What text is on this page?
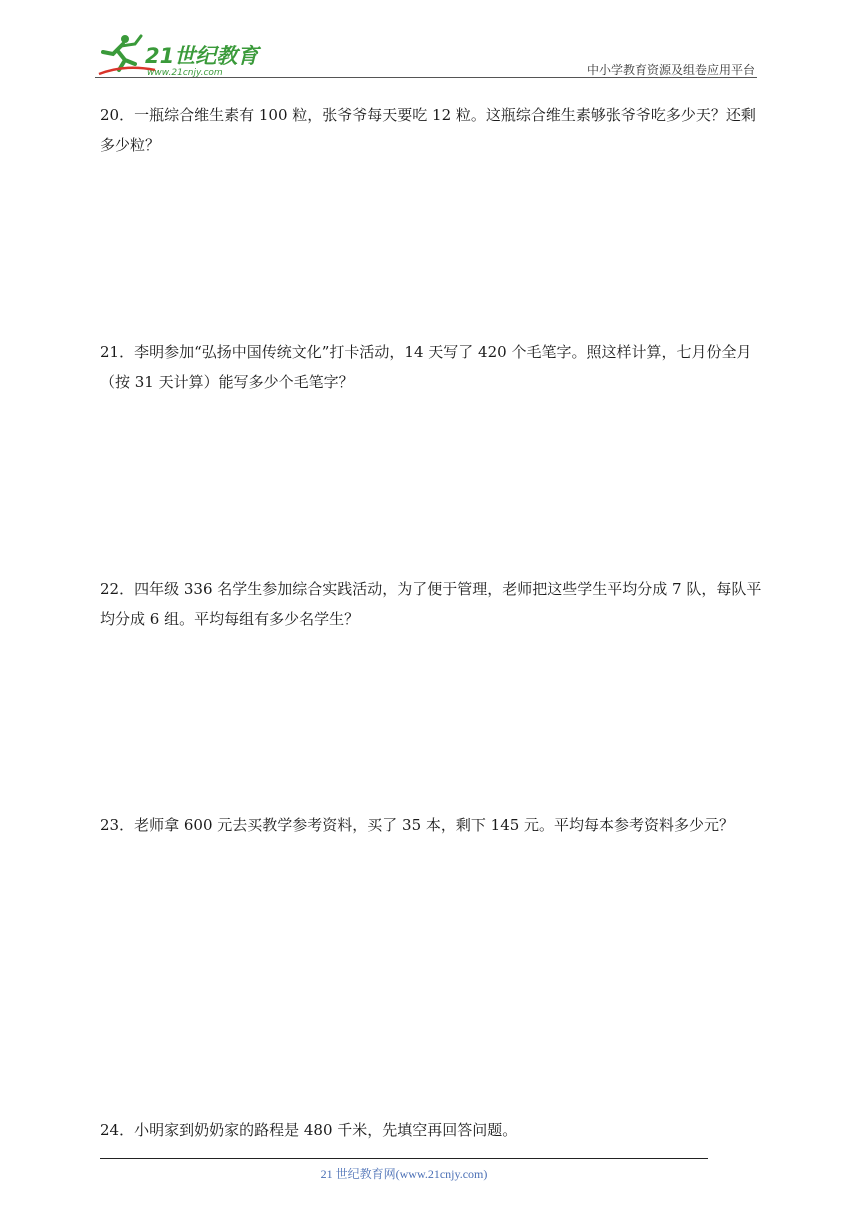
21世纪教育
www.21cnjy.com	中小学教育资源及组卷应用平台

20．一瓶综合维生素有 100 粒，张爷爷每天要吃 12 粒。这瓶综合维生素够张爷爷吃多少天？还剩多少粒？

21．李明参加“弘扬中国传统文化”打卡活动，14 天写了 420 个毛笔字。照这样计算，七月份全月（按 31 天计算）能写多少个毛笔字？

22．四年级 336 名学生参加综合实践活动，为了便于管理，老师把这些学生平均分成 7 队，每队平均分成 6 组。平均每组有多少名学生？

23．老师拿 600 元去买教学参考资料，买了 35 本，剩下 145 元。平均每本参考资料多少元？

24．小明家到奶奶家的路程是 480 千米，先填空再回答问题。

21 世纪教育网(www.21cnjy.com)
